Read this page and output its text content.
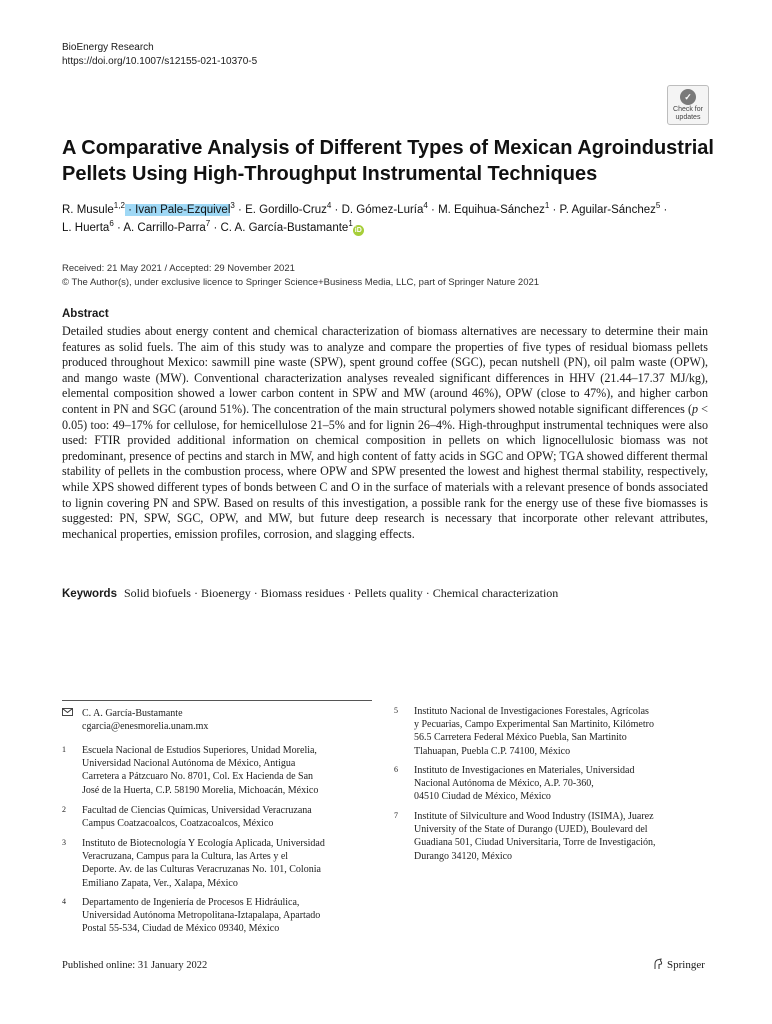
BioEnergy Research
https://doi.org/10.1007/s12155-021-10370-5
✓
Check for
updates
A Comparative Analysis of Different Types of Mexican Agroindustrial
Pellets Using High-Throughput Instrumental Techniques
R. Musule$^{1,2}$ · Ivan Pale-Ezquivel$^3$ · E. Gordillo-Cruz$^4$ · D. Gómez-Luría$^4$ · M. Equihua-Sánchez$^1$ · P. Aguilar-Sánchez$^5$ ·
L. Huerta$^6$ · A. Carrillo-Parra$^7$ · C. A. García-Bustamante$^1$iD
Received: 21 May 2021 / Accepted: 29 November 2021
© The Author(s), under exclusive licence to Springer Science+Business Media, LLC, part of Springer Nature 2021
Abstract

Detailed studies about energy content and chemical characterization of biomass alternatives are necessary to determine their main features as solid fuels. The aim of this study was to analyze and compare the properties of five types of residual biomass pellets produced throughout Mexico: sawmill pine waste (SPW), spent ground coffee (SGC), pecan nutshell (PN), oil palm waste (OPW), and mango waste (MW). Conventional characterization analyses revealed significant differences in HHV (21.44–17.37 MJ/kg), elemental composition showed a lower carbon content in SPW and MW (around 46%), OPW (close to 47%), and higher carbon content in PN and SGC (around 51%). The concentration of the main structural polymers showed notable significant differences (p < 0.05) too: 49–17% for cellulose, for hemicellulose 21–5% and for lignin 26–4%. High-throughput instrumental techniques were also used: FTIR provided additional information on chemical composition in pellets on which lignocellulosic biomass was not predominant, presence of pectins and starch in MW, and high content of fatty acids in SGC and OPW; TGA showed different thermal stability of pellets in the combustion process, where OPW and SPW presented the lowest and highest thermal stability, respectively, while XPS showed different types of bonds between C and O in the surface of materials with a relevant presence of bonds associated to lignin covering PN and SPW. Based on results of this investigation, a possible rank for the energy use of these five biomasses is suggested: PN, SPW, SGC, OPW, and MW, but future deep research is necessary that incorporate other relevant attributes, mechanical properties, emission profiles, corrosion, and slagging effects.

Keywords Solid biofuels · Bioenergy · Biomass residues · Pellets quality · Chemical characterization
C. A. García-Bustamante
cgarcia@enesmorelia.unam.mx
1 Escuela Nacional de Estudios Superiores, Unidad Morelia,
Universidad Nacional Autónoma de México, Antigua
Carretera a Pátzcuaro No. 8701, Col. Ex Hacienda de San
José de la Huerta, C.P. 58190 Morelia, Michoacán, México
2 Facultad de Ciencias Químicas, Universidad Veracruzana
Campus Coatzacoalcos, Coatzacoalcos, México
3 Instituto de Biotecnología Y Ecología Aplicada, Universidad
Veracruzana, Campus para la Cultura, las Artes y el
Deporte. Av. de las Culturas Veracruzanas No. 101, Colonia
Emiliano Zapata, Ver., Xalapa, México
4 Departamento de Ingeniería de Procesos E Hidráulica,
Universidad Autónoma Metropolitana-Iztapalapa, Apartado
Postal 55-534, Ciudad de México 09340, México
5 Instituto Nacional de Investigaciones Forestales, Agrícolas
y Pecuarias, Campo Experimental San Martinito, Kilómetro
56.5 Carretera Federal México Puebla, San Martinito
Tlahuapan, Puebla C.P. 74100, México
6 Instituto de Investigaciones en Materiales, Universidad
Nacional Autónoma de México, A.P. 70-360,
04510 Ciudad de México, México
7 Institute of Silviculture and Wood Industry (ISIMA), Juarez
University of the State of Durango (UJED), Boulevard del
Guadiana 501, Ciudad Universitaria, Torre de Investigación,
Durango 34120, México
Published online: 31 January 2022	Springer
